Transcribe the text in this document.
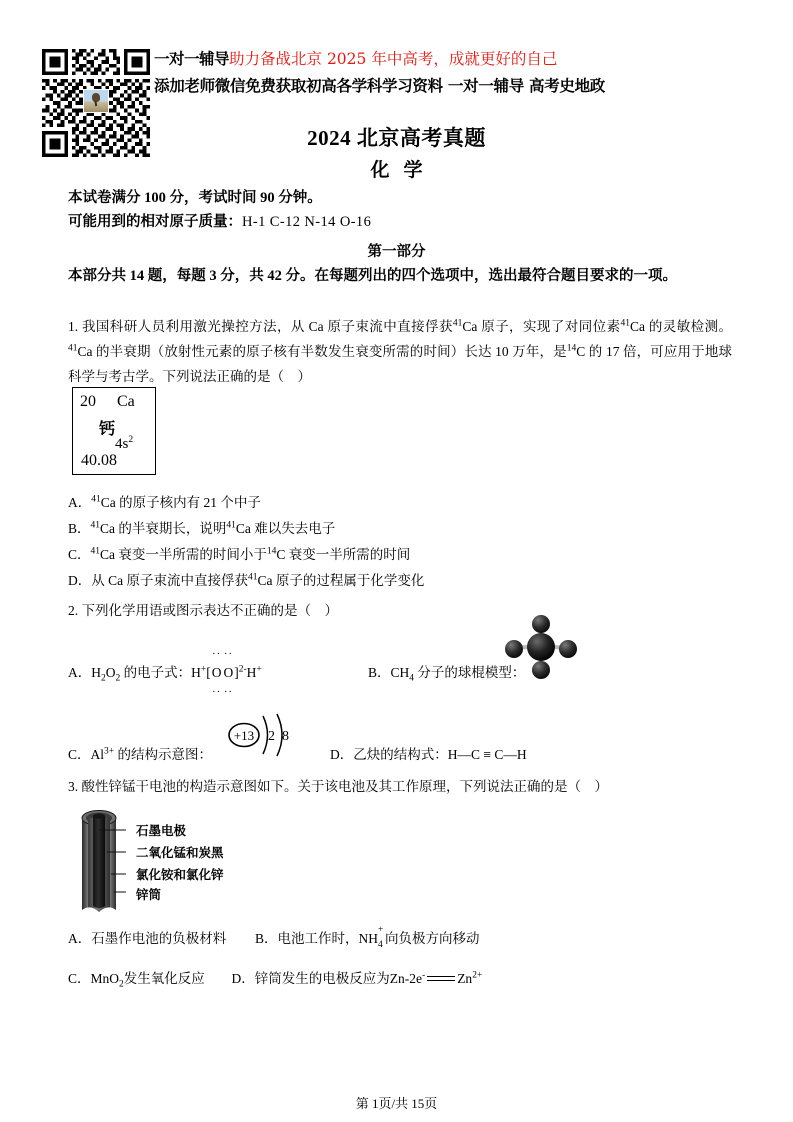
一对一辅导助力备战北京 2025 年中高考，成就更好的自己
添加老师微信免费获取初高各学科学习资料 一对一辅导 高考史地政
2024 北京高考真题
化学
本试卷满分 100 分，考试时间 90 分钟。
可能用到的相对原子质量：H-1 C-12 N-14 O-16
第一部分
本部分共 14 题，每题 3 分，共 42 分。在每题列出的四个选项中，选出最符合题目要求的一项。
1. 我国科研人员利用激光操控方法，从 Ca 原子束流中直接俘获$^{41}$Ca 原子，实现了对同位素$^{41}$Ca 的灵敏检测。$^{41}$Ca 的半衰期（放射性元素的原子核有半数发生衰变所需的时间）长达 10 万年，是$^{14}$C 的 17 倍，可应用于地球科学与考古学。下列说法正确的是（　）
20 Ca
钙
$4s^2$
40.08
A．$^{41}$Ca 的原子核内有 21 个中子
B．$^{41}$Ca 的半衰期长，说明$^{41}$Ca 难以失去电子
C．$^{41}$Ca 衰变一半所需的时间小于$^{14}$C 衰变一半所需的时间
D．从 Ca 原子束流中直接俘获$^{41}$Ca 原子的过程属于化学变化
2. 下列化学用语或图示表达不正确的是（　）
A．$H_2O_2$ 的电子式：H+[
··
O
··
··
O
··
]$^{2-}$H+	B．$CH_4$ 分子的球棍模型：
C．$Al^{3+}$ 的结构示意图：
+13 2 8
D．乙炔的结构式：H—C ≡ C—H
3. 酸性锌锰干电池的构造示意图如下。关于该电池及其工作原理，下列说法正确的是（　）
石墨电极
二氧化锰和炭黑
氯化铵和氯化锌
锌筒
A．石墨作电池的负极材料 B．电池工作时，NH 4
+
向负极方向移动
C．MnO$_2$发生氧化反应 D．锌筒发生的电极反应为Zn-2e- $Zn^{2+}$
第 1页/共 15页
